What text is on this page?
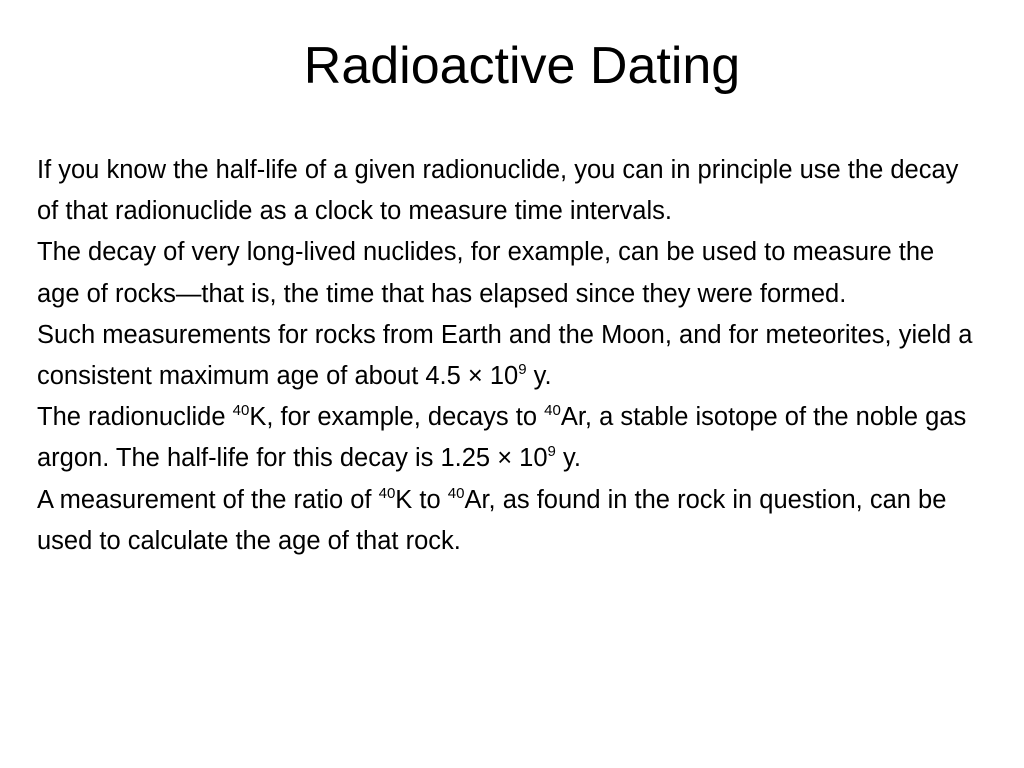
Radioactive Dating

If you know the half-life of a given radionuclide, you can in principle use the decay of that radionuclide as a clock to measure time intervals.

The decay of very long-lived nuclides, for example, can be used to measure the age of rocks—that is, the time that has elapsed since they were formed.

Such measurements for rocks from Earth and the Moon, and for meteorites, yield a consistent maximum age of about $4.5 \times 10^9$ y.

The radionuclide $^{40}$K, for example, decays to $^{40}$Ar, a stable isotope of the noble gas argon. The half-life for this decay is $1.25 \times 10^9$ y.

A measurement of the ratio of $^{40}$K to $^{40}$Ar, as found in the rock in question, can be used to calculate the age of that rock.
